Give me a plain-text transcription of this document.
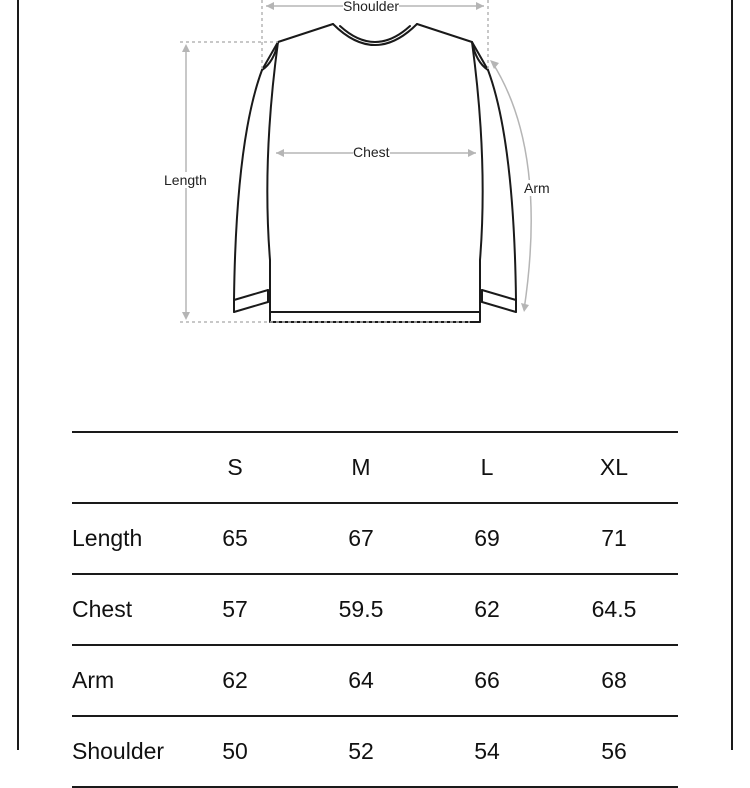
Shoulder
Chest
Length	Arm
	S	M	L	XL
Length	65	67	69	71
Chest	57	59.5	62	64.5
Arm	62	64	66	68
Shoulder	50	52	54	56
